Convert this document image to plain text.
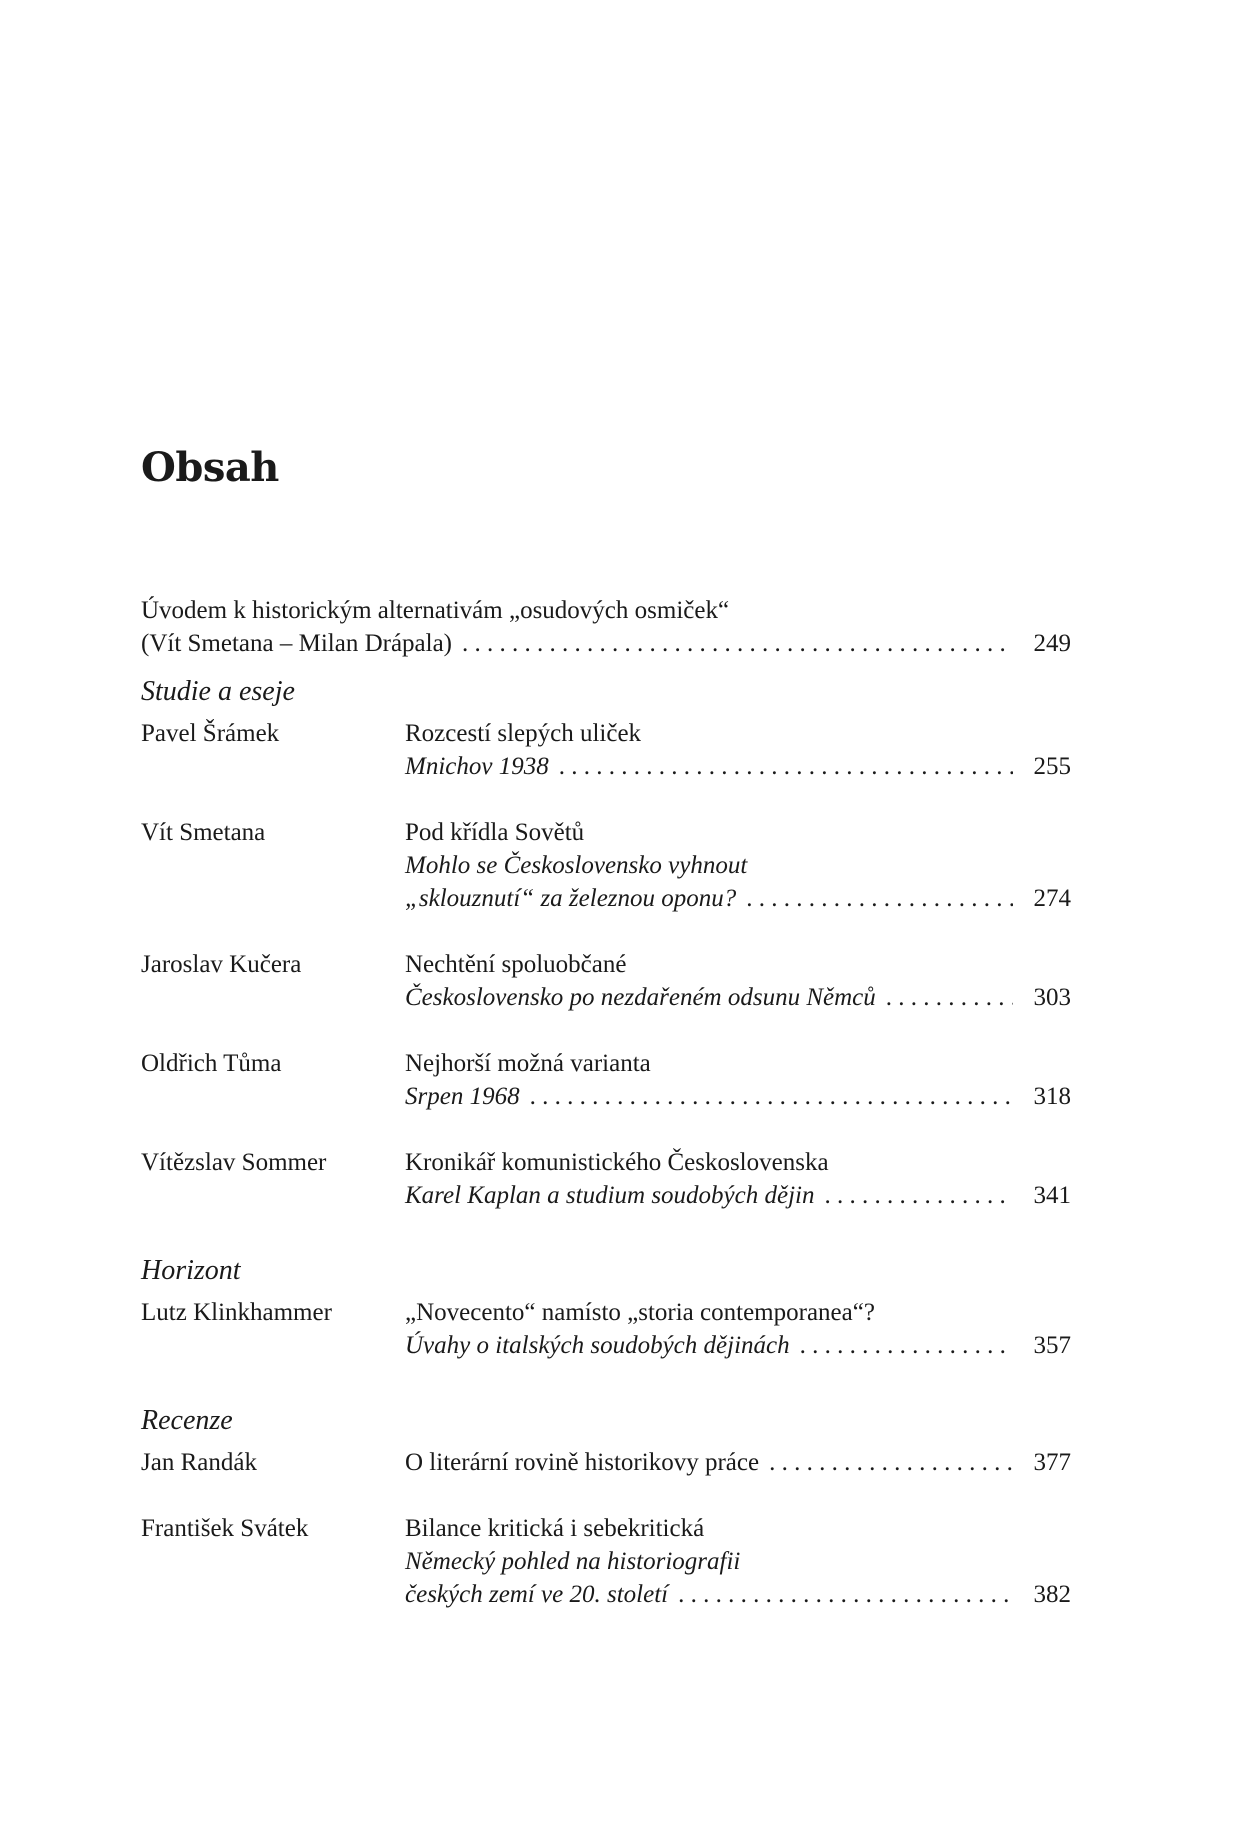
Obsah
Úvodem k historickým alternativám „osudových osmiček“
(Vít Smetana – Milan Drápala) . . .	249
Studie a eseje
Pavel Šrámek	Rozcestí slepých uliček
Mnichov 1938 . . .	255
Vít Smetana	Pod křídla Sovětů
Mohlo se Československo vyhnout
„sklouznutí“ za železnou oponu? . . .	274
Jaroslav Kučera	Nechtění spoluobčané
Československo po nezdařeném odsunu Němců . . .	303
Oldřich Tůma	Nejhorší možná varianta
Srpen 1968 . . .	318
Vítězslav Sommer	Kronikář komunistického Československa
Karel Kaplan a studium soudobých dějin . . .	341
Horizont
Lutz Klinkhammer	„Novecento“ namísto „storia contemporanea“?
Úvahy o italských soudobých dějinách . . .	357
Recenze
Jan Randák	O literární rovině historikovy práce . . .	377
František Svátek	Bilance kritická i sebekritická
Německý pohled na historiografii
českých zemí ve 20. století . . .	382
